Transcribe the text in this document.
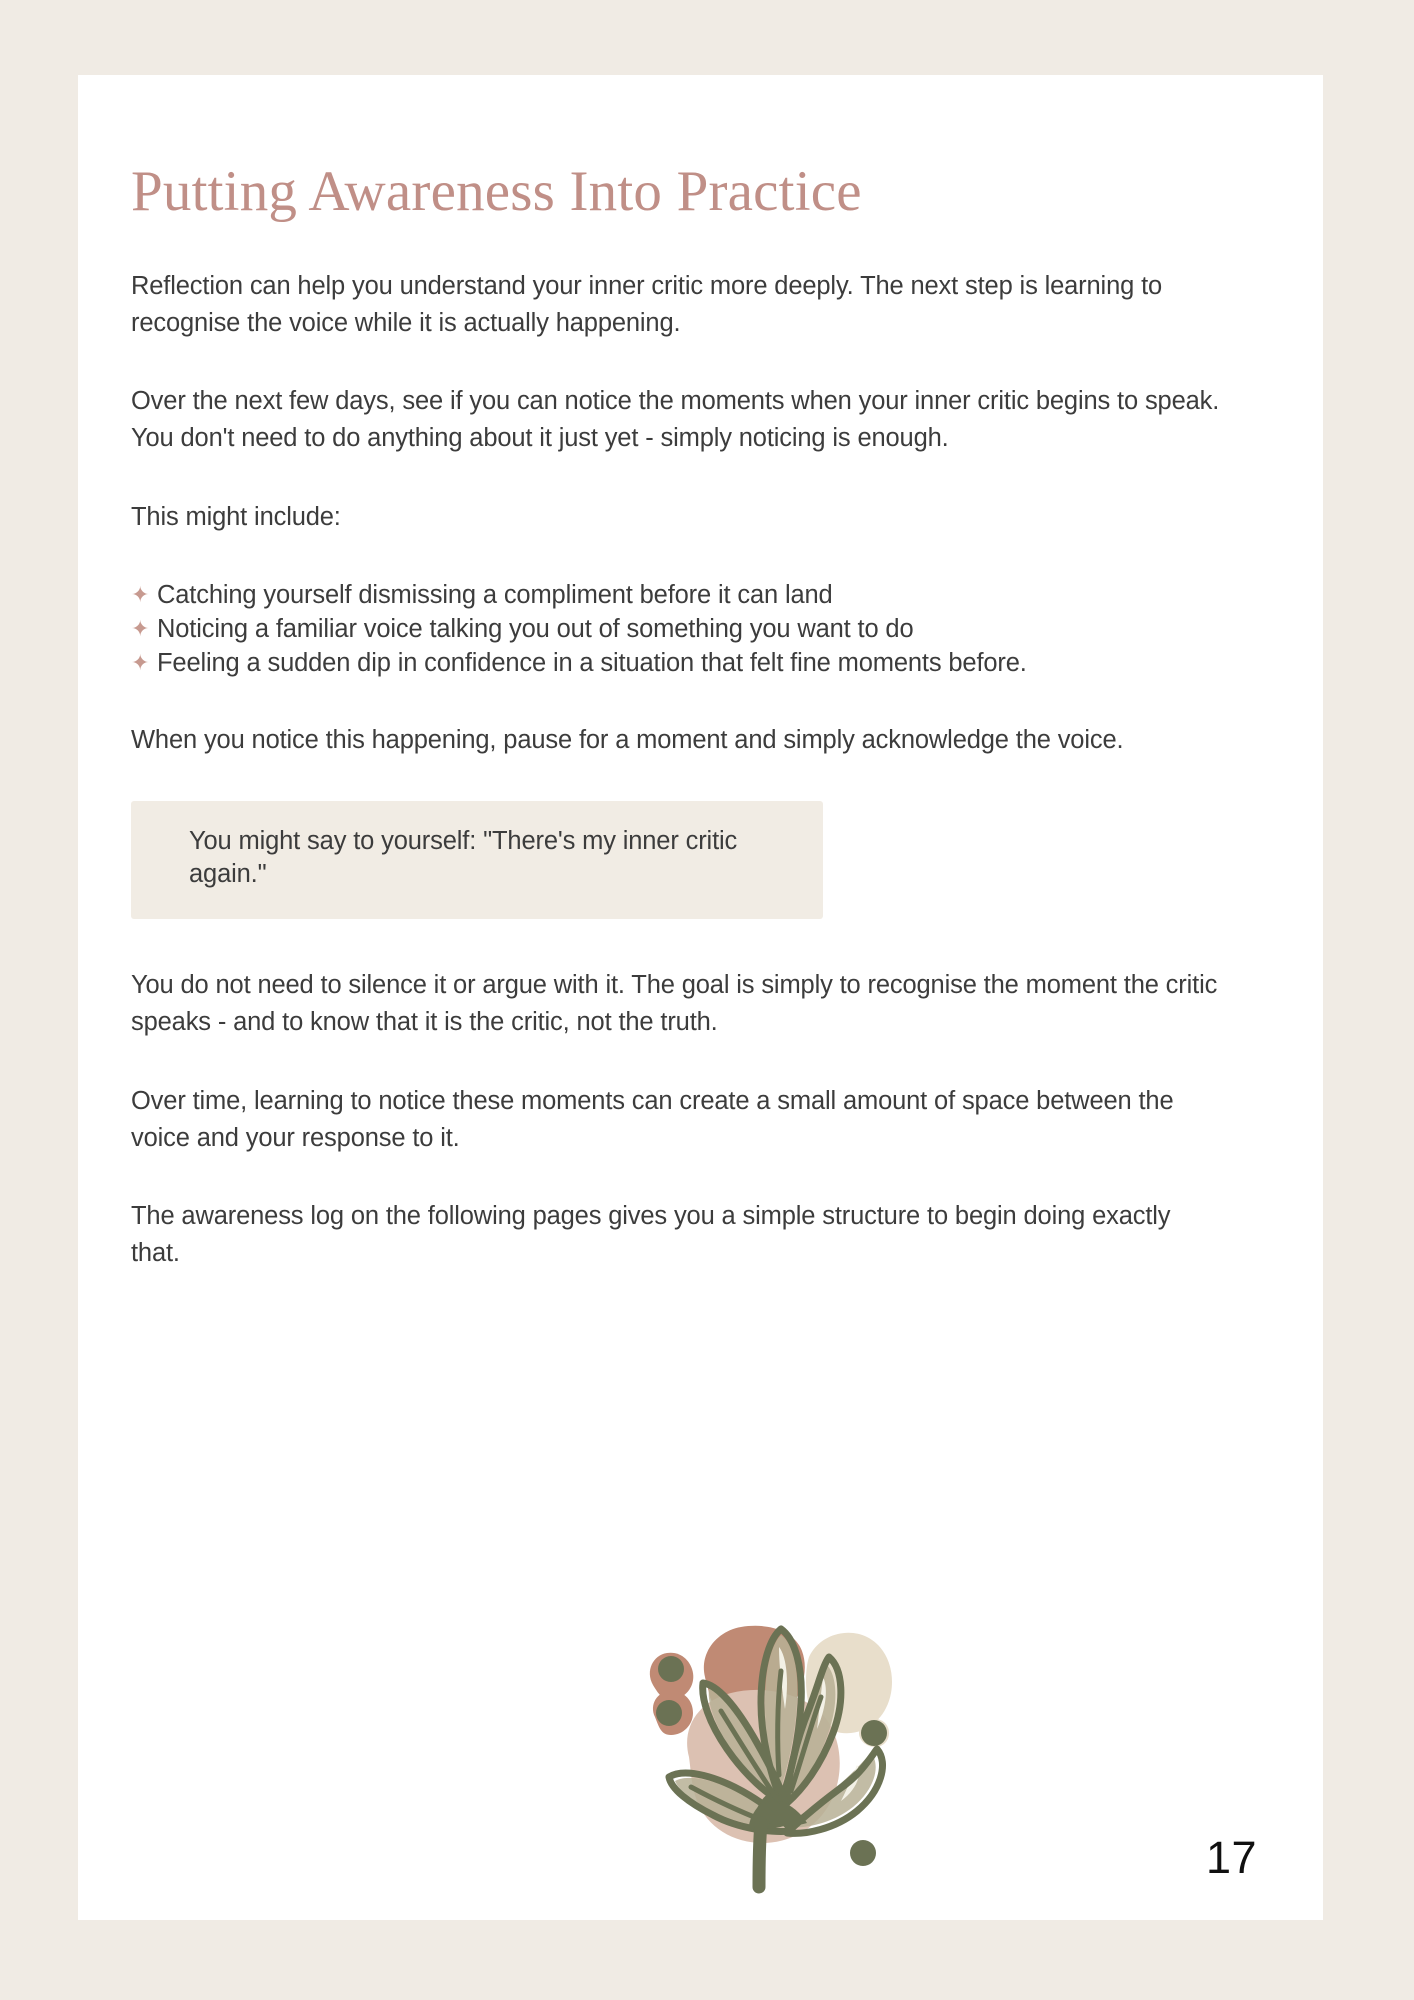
Putting Awareness Into Practice

Reflection can help you understand your inner critic more deeply. The next step is learning to recognise the voice while it is actually happening.

Over the next few days, see if you can notice the moments when your inner critic begins to speak. You don't need to do anything about it just yet - simply noticing is enough.

This might include:

✦ Catching yourself dismissing a compliment before it can land
✦ Noticing a familiar voice talking you out of something you want to do
✦ Feeling a sudden dip in confidence in a situation that felt fine moments before.

When you notice this happening, pause for a moment and simply acknowledge the voice.

You might say to yourself: "There's my inner critic again."

You do not need to silence it or argue with it. The goal is simply to recognise the moment the critic speaks - and to know that it is the critic, not the truth.

Over time, learning to notice these moments can create a small amount of space between the voice and your response to it.

The awareness log on the following pages gives you a simple structure to begin doing exactly that.

17
